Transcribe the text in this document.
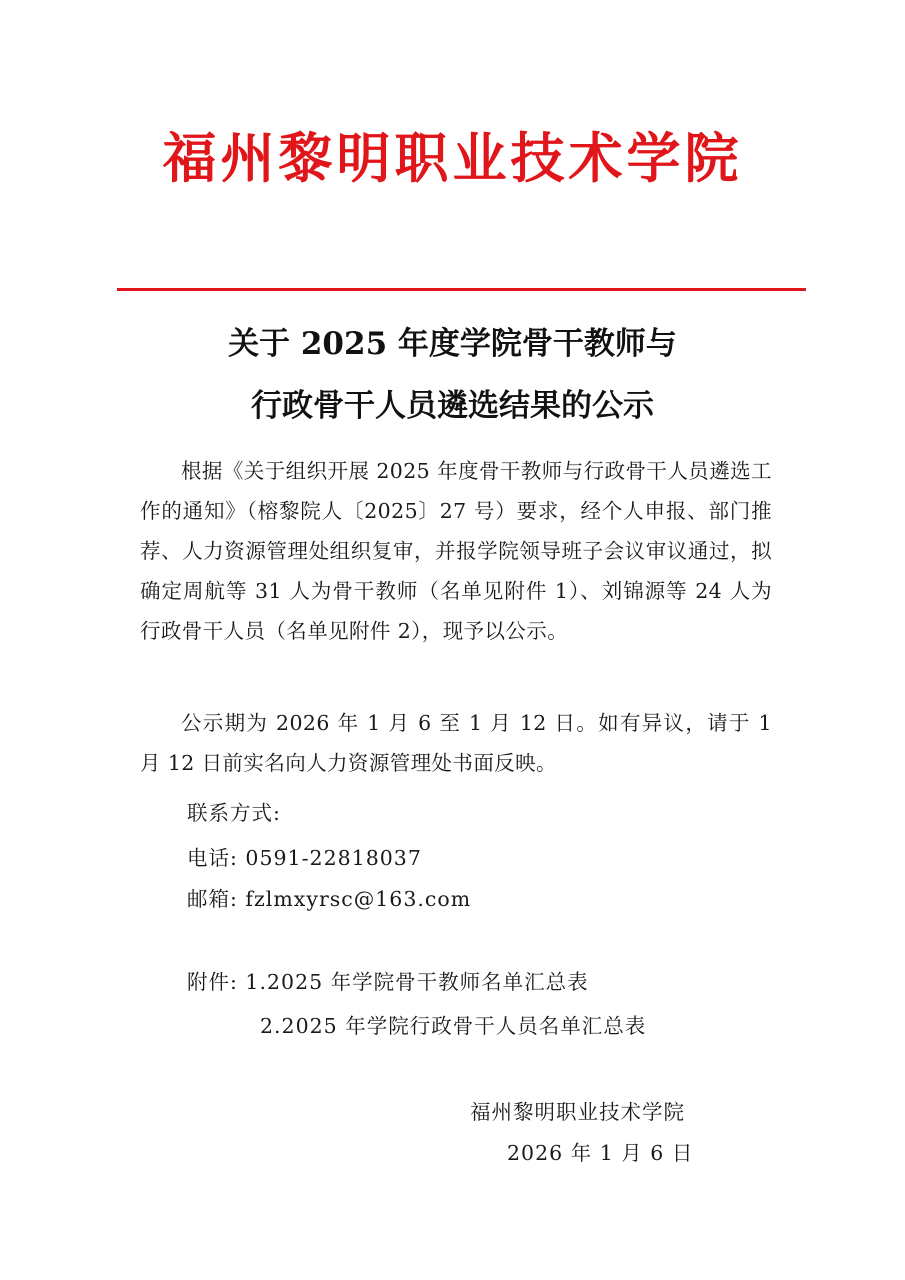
福州黎明职业技术学院
关于 2025 年度学院骨干教师与
行政骨干人员遴选结果的公示
根据《关于组织开展 2025 年度骨干教师与行政骨干人员遴选工作的通知》（榕黎院人〔2025〕27 号）要求，经个人申报、部门推荐、人力资源管理处组织复审，并报学院领导班子会议审议通过，拟确定周航等 31 人为骨干教师（名单见附件 1）、刘锦源等 24 人为行政骨干人员（名单见附件 2），现予以公示。
公示期为 2026 年 1 月 6 至 1 月 12 日。如有异议，请于 1 月 12 日前实名向人力资源管理处书面反映。
联系方式:
电话: 0591-22818037
邮箱: fzlmxyrsc@163.com
附件: 1.2025 年学院骨干教师名单汇总表
2.2025 年学院行政骨干人员名单汇总表
福州黎明职业技术学院
2026 年 1 月 6 日
